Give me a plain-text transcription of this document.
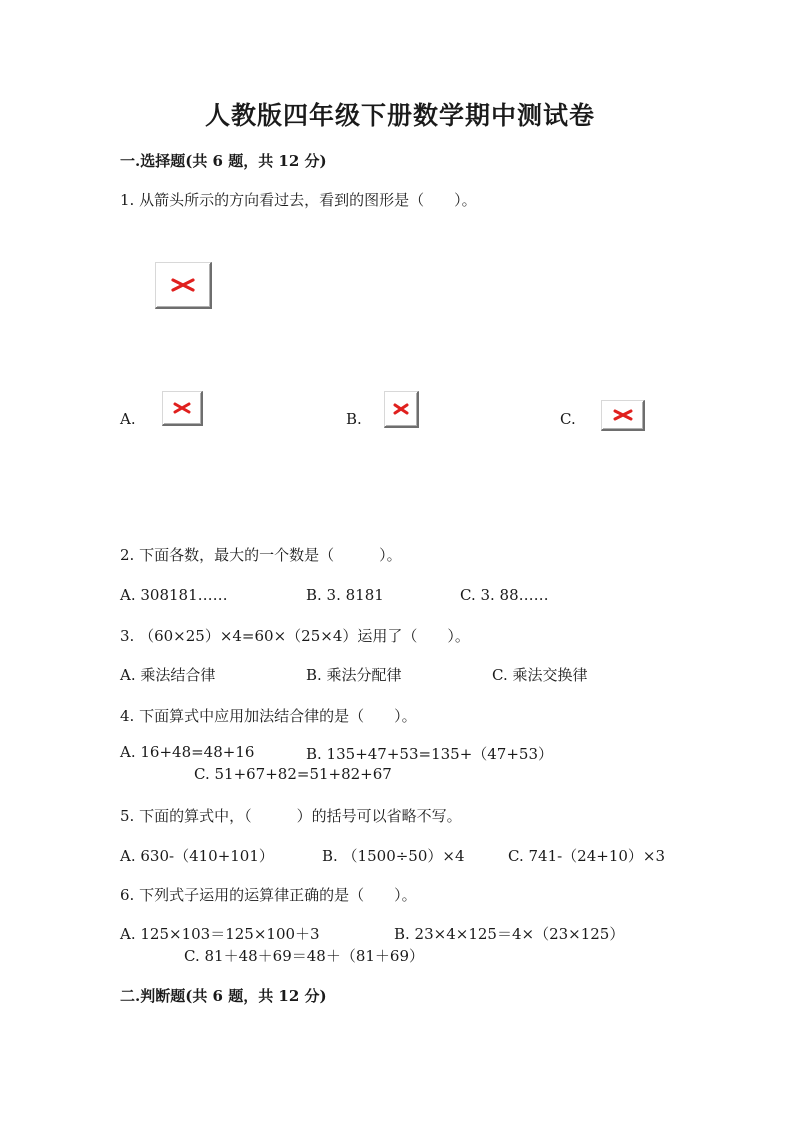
人教版四年级下册数学期中测试卷
一.选择题(共 6 题，共 12 分)
1. 从箭头所示的方向看过去，看到的图形是（　　）。
A.	B.	C.
2. 下面各数，最大的一个数是（　　　）。
A. 308181……	B. 3. 8181	C. 3. 88……
3. （60×25）×4=60×（25×4）运用了（　　）。
A. 乘法结合律	B. 乘法分配律	C. 乘法交换律
4. 下面算式中应用加法结合律的是（　　）。
A. 16+48=48+16	B. 135+47+53=135+（47+53）
C. 51+67+82=51+82+67
5. 下面的算式中，（　　　）的括号可以省略不写。
A. 630-（410+101）	B. （1500÷50）×4	C. 741-（24+10）×3
6. 下列式子运用的运算律正确的是（　　）。
A. 125×103＝125×100＋3	B. 23×4×125＝4×（23×125）
C. 81＋48＋69＝48＋（81＋69）
二.判断题(共 6 题，共 12 分)
